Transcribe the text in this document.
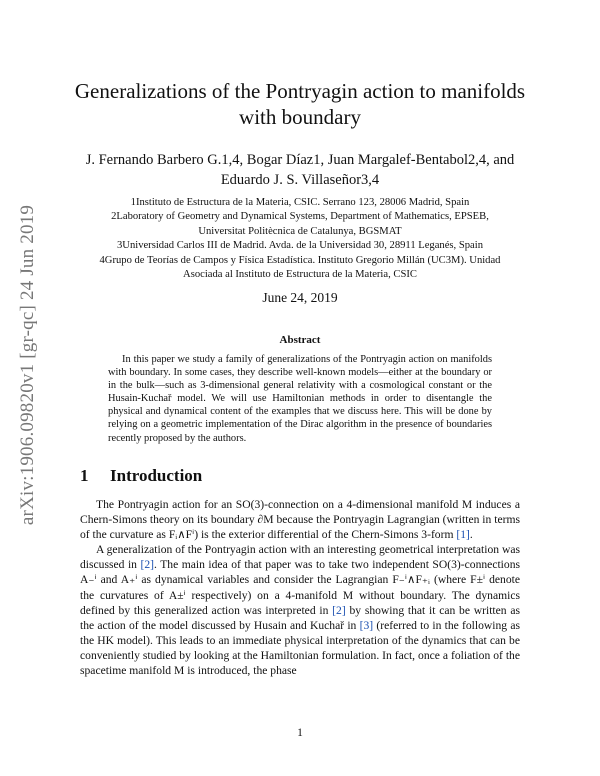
arXiv:1906.09820v1 [gr-qc] 24 Jun 2019
Generalizations of the Pontryagin action to manifolds with boundary
J. Fernando Barbero G.1,4, Bogar Díaz1, Juan Margalef-Bentabol2,4, and Eduardo J. S. Villaseñor3,4
1Instituto de Estructura de la Materia, CSIC. Serrano 123, 28006 Madrid, Spain
2Laboratory of Geometry and Dynamical Systems, Department of Mathematics, EPSEB,
Universitat Politècnica de Catalunya, BGSMAT
3Universidad Carlos III de Madrid. Avda. de la Universidad 30, 28911 Leganés, Spain
4Grupo de Teorías de Campos y Física Estadística. Instituto Gregorio Millán (UC3M). Unidad
Asociada al Instituto de Estructura de la Materia, CSIC
June 24, 2019
Abstract
In this paper we study a family of generalizations of the Pontryagin action on manifolds with boundary. In some cases, they describe well-known models—either at the boundary or in the bulk—such as 3-dimensional general relativity with a cosmological constant or the Husain-Kuchař model. We will use Hamiltonian methods in order to disentangle the physical and dynamical content of the examples that we discuss here. This will be done by relying on a geometric implementation of the Dirac algorithm in the presence of boundaries recently proposed by the authors.
1 Introduction

The Pontryagin action for an SO(3)-connection on a 4-dimensional manifold M induces a Chern-Simons theory on its boundary ∂M because the Pontryagin Lagrangian (written in terms of the curvature as Fᵢ∧Fⁱ) is the exterior differential of the Chern-Simons 3-form [1].

A generalization of the Pontryagin action with an interesting geometrical interpretation was discussed in [2]. The main idea of that paper was to take two independent SO(3)-connections A₋ⁱ and A₊ⁱ as dynamical variables and consider the Lagrangian F₋ⁱ∧F₊ᵢ (where F±ⁱ denote the curvatures of A±ⁱ respectively) on a 4-manifold M without boundary. The dynamics defined by this generalized action was interpreted in [2] by showing that it can be written as the action of the model discussed by Husain and Kuchař in [3] (referred to in the following as the HK model). This leads to an immediate physical interpretation of the dynamics that can be conveniently studied by looking at the Hamiltonian formulation. In fact, once a foliation of the spacetime manifold M is introduced, the phase

1
